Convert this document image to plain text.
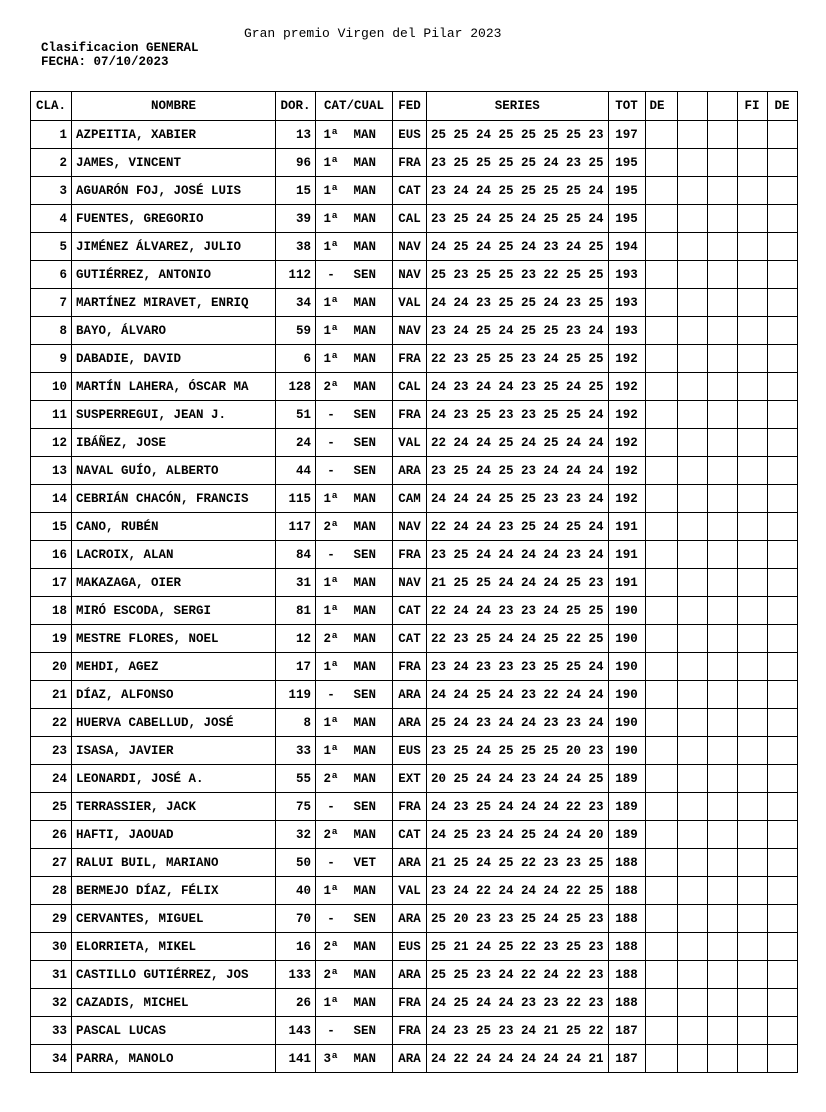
Gran premio Virgen del Pilar 2023
Clasificacion GENERAL
FECHA: 07/10/2023
CLA.	NOMBRE	DOR.	CAT/CUAL	FED	SERIES	TOT	DE			FI	DE
1	AZPEITIA, XABIER	13	1ª MAN	EUS	25 25 24 25 25 25 25 23	197					
2	JAMES, VINCENT	96	1ª MAN	FRA	23 25 25 25 25 24 23 25	195					
3	AGUARÓN FOJ, JOSÉ LUIS	15	1ª MAN	CAT	23 24 24 25 25 25 25 24	195					
4	FUENTES, GREGORIO	39	1ª MAN	CAL	23 25 24 25 24 25 25 24	195					
5	JIMÉNEZ ÁLVAREZ, JULIO	38	1ª MAN	NAV	24 25 24 25 24 23 24 25	194					
6	GUTIÉRREZ, ANTONIO	112	- SEN	NAV	25 23 25 25 23 22 25 25	193					
7	MARTÍNEZ MIRAVET, ENRIQ	34	1ª MAN	VAL	24 24 23 25 25 24 23 25	193					
8	BAYO, ÁLVARO	59	1ª MAN	NAV	23 24 25 24 25 25 23 24	193					
9	DABADIE, DAVID	6	1ª MAN	FRA	22 23 25 25 23 24 25 25	192					
10	MARTÍN LAHERA, ÓSCAR MA	128	2ª MAN	CAL	24 23 24 24 23 25 24 25	192					
11	SUSPERREGUI, JEAN J.	51	- SEN	FRA	24 23 25 23 23 25 25 24	192					
12	IBÁÑEZ, JOSE	24	- SEN	VAL	22 24 24 25 24 25 24 24	192					
13	NAVAL GUÍO, ALBERTO	44	- SEN	ARA	23 25 24 25 23 24 24 24	192					
14	CEBRIÁN CHACÓN, FRANCIS	115	1ª MAN	CAM	24 24 24 25 25 23 23 24	192					
15	CANO, RUBÉN	117	2ª MAN	NAV	22 24 24 23 25 24 25 24	191					
16	LACROIX, ALAN	84	- SEN	FRA	23 25 24 24 24 24 23 24	191					
17	MAKAZAGA, OIER	31	1ª MAN	NAV	21 25 25 24 24 24 25 23	191					
18	MIRÓ ESCODA, SERGI	81	1ª MAN	CAT	22 24 24 23 23 24 25 25	190					
19	MESTRE FLORES, NOEL	12	2ª MAN	CAT	22 23 25 24 24 25 22 25	190					
20	MEHDI, AGEZ	17	1ª MAN	FRA	23 24 23 23 23 25 25 24	190					
21	DÍAZ, ALFONSO	119	- SEN	ARA	24 24 25 24 23 22 24 24	190					
22	HUERVA CABELLUD, JOSÉ	8	1ª MAN	ARA	25 24 23 24 24 23 23 24	190					
23	ISASA, JAVIER	33	1ª MAN	EUS	23 25 24 25 25 25 20 23	190					
24	LEONARDI, JOSÉ A.	55	2ª MAN	EXT	20 25 24 24 23 24 24 25	189					
25	TERRASSIER, JACK	75	- SEN	FRA	24 23 25 24 24 24 22 23	189					
26	HAFTI, JAOUAD	32	2ª MAN	CAT	24 25 23 24 25 24 24 20	189					
27	RALUI BUIL, MARIANO	50	- VET	ARA	21 25 24 25 22 23 23 25	188					
28	BERMEJO DÍAZ, FÉLIX	40	1ª MAN	VAL	23 24 22 24 24 24 22 25	188					
29	CERVANTES, MIGUEL	70	- SEN	ARA	25 20 23 23 25 24 25 23	188					
30	ELORRIETA, MIKEL	16	2ª MAN	EUS	25 21 24 25 22 23 25 23	188					
31	CASTILLO GUTIÉRREZ, JOS	133	2ª MAN	ARA	25 25 23 24 22 24 22 23	188					
32	CAZADIS, MICHEL	26	1ª MAN	FRA	24 25 24 24 23 23 22 23	188					
33	PASCAL LUCAS	143	- SEN	FRA	24 23 25 23 24 21 25 22	187					
34	PARRA, MANOLO	141	3ª MAN	ARA	24 22 24 24 24 24 24 21	187					
